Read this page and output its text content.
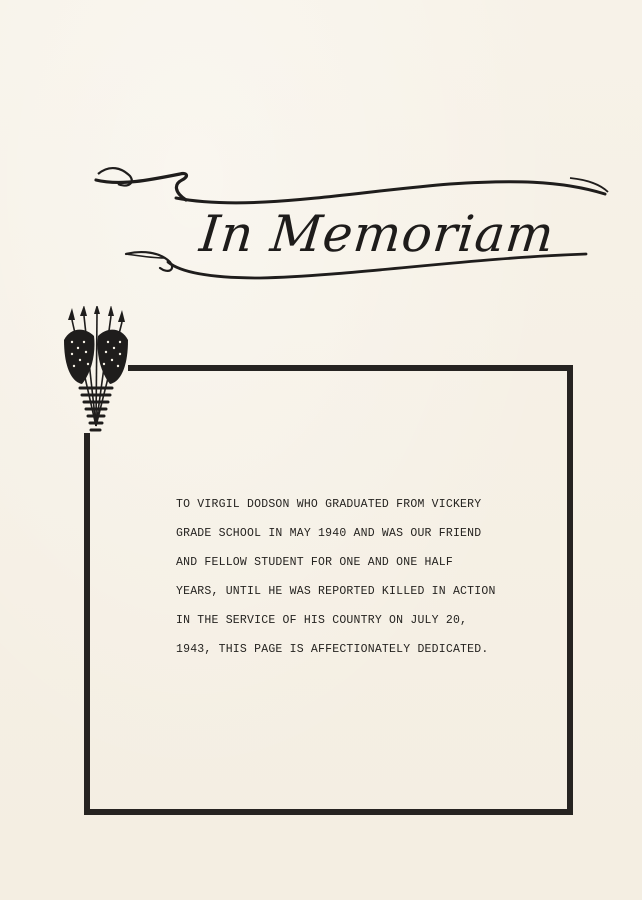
In Memoriam
TO VIRGIL DODSON WHO GRADUATED FROM VICKERY
GRADE SCHOOL IN MAY 1940 AND WAS OUR FRIEND
AND FELLOW STUDENT FOR ONE AND ONE HALF
YEARS, UNTIL HE WAS REPORTED KILLED IN ACTION
IN THE SERVICE OF HIS COUNTRY ON JULY 20,
1943, THIS PAGE IS AFFECTIONATELY DEDICATED.
